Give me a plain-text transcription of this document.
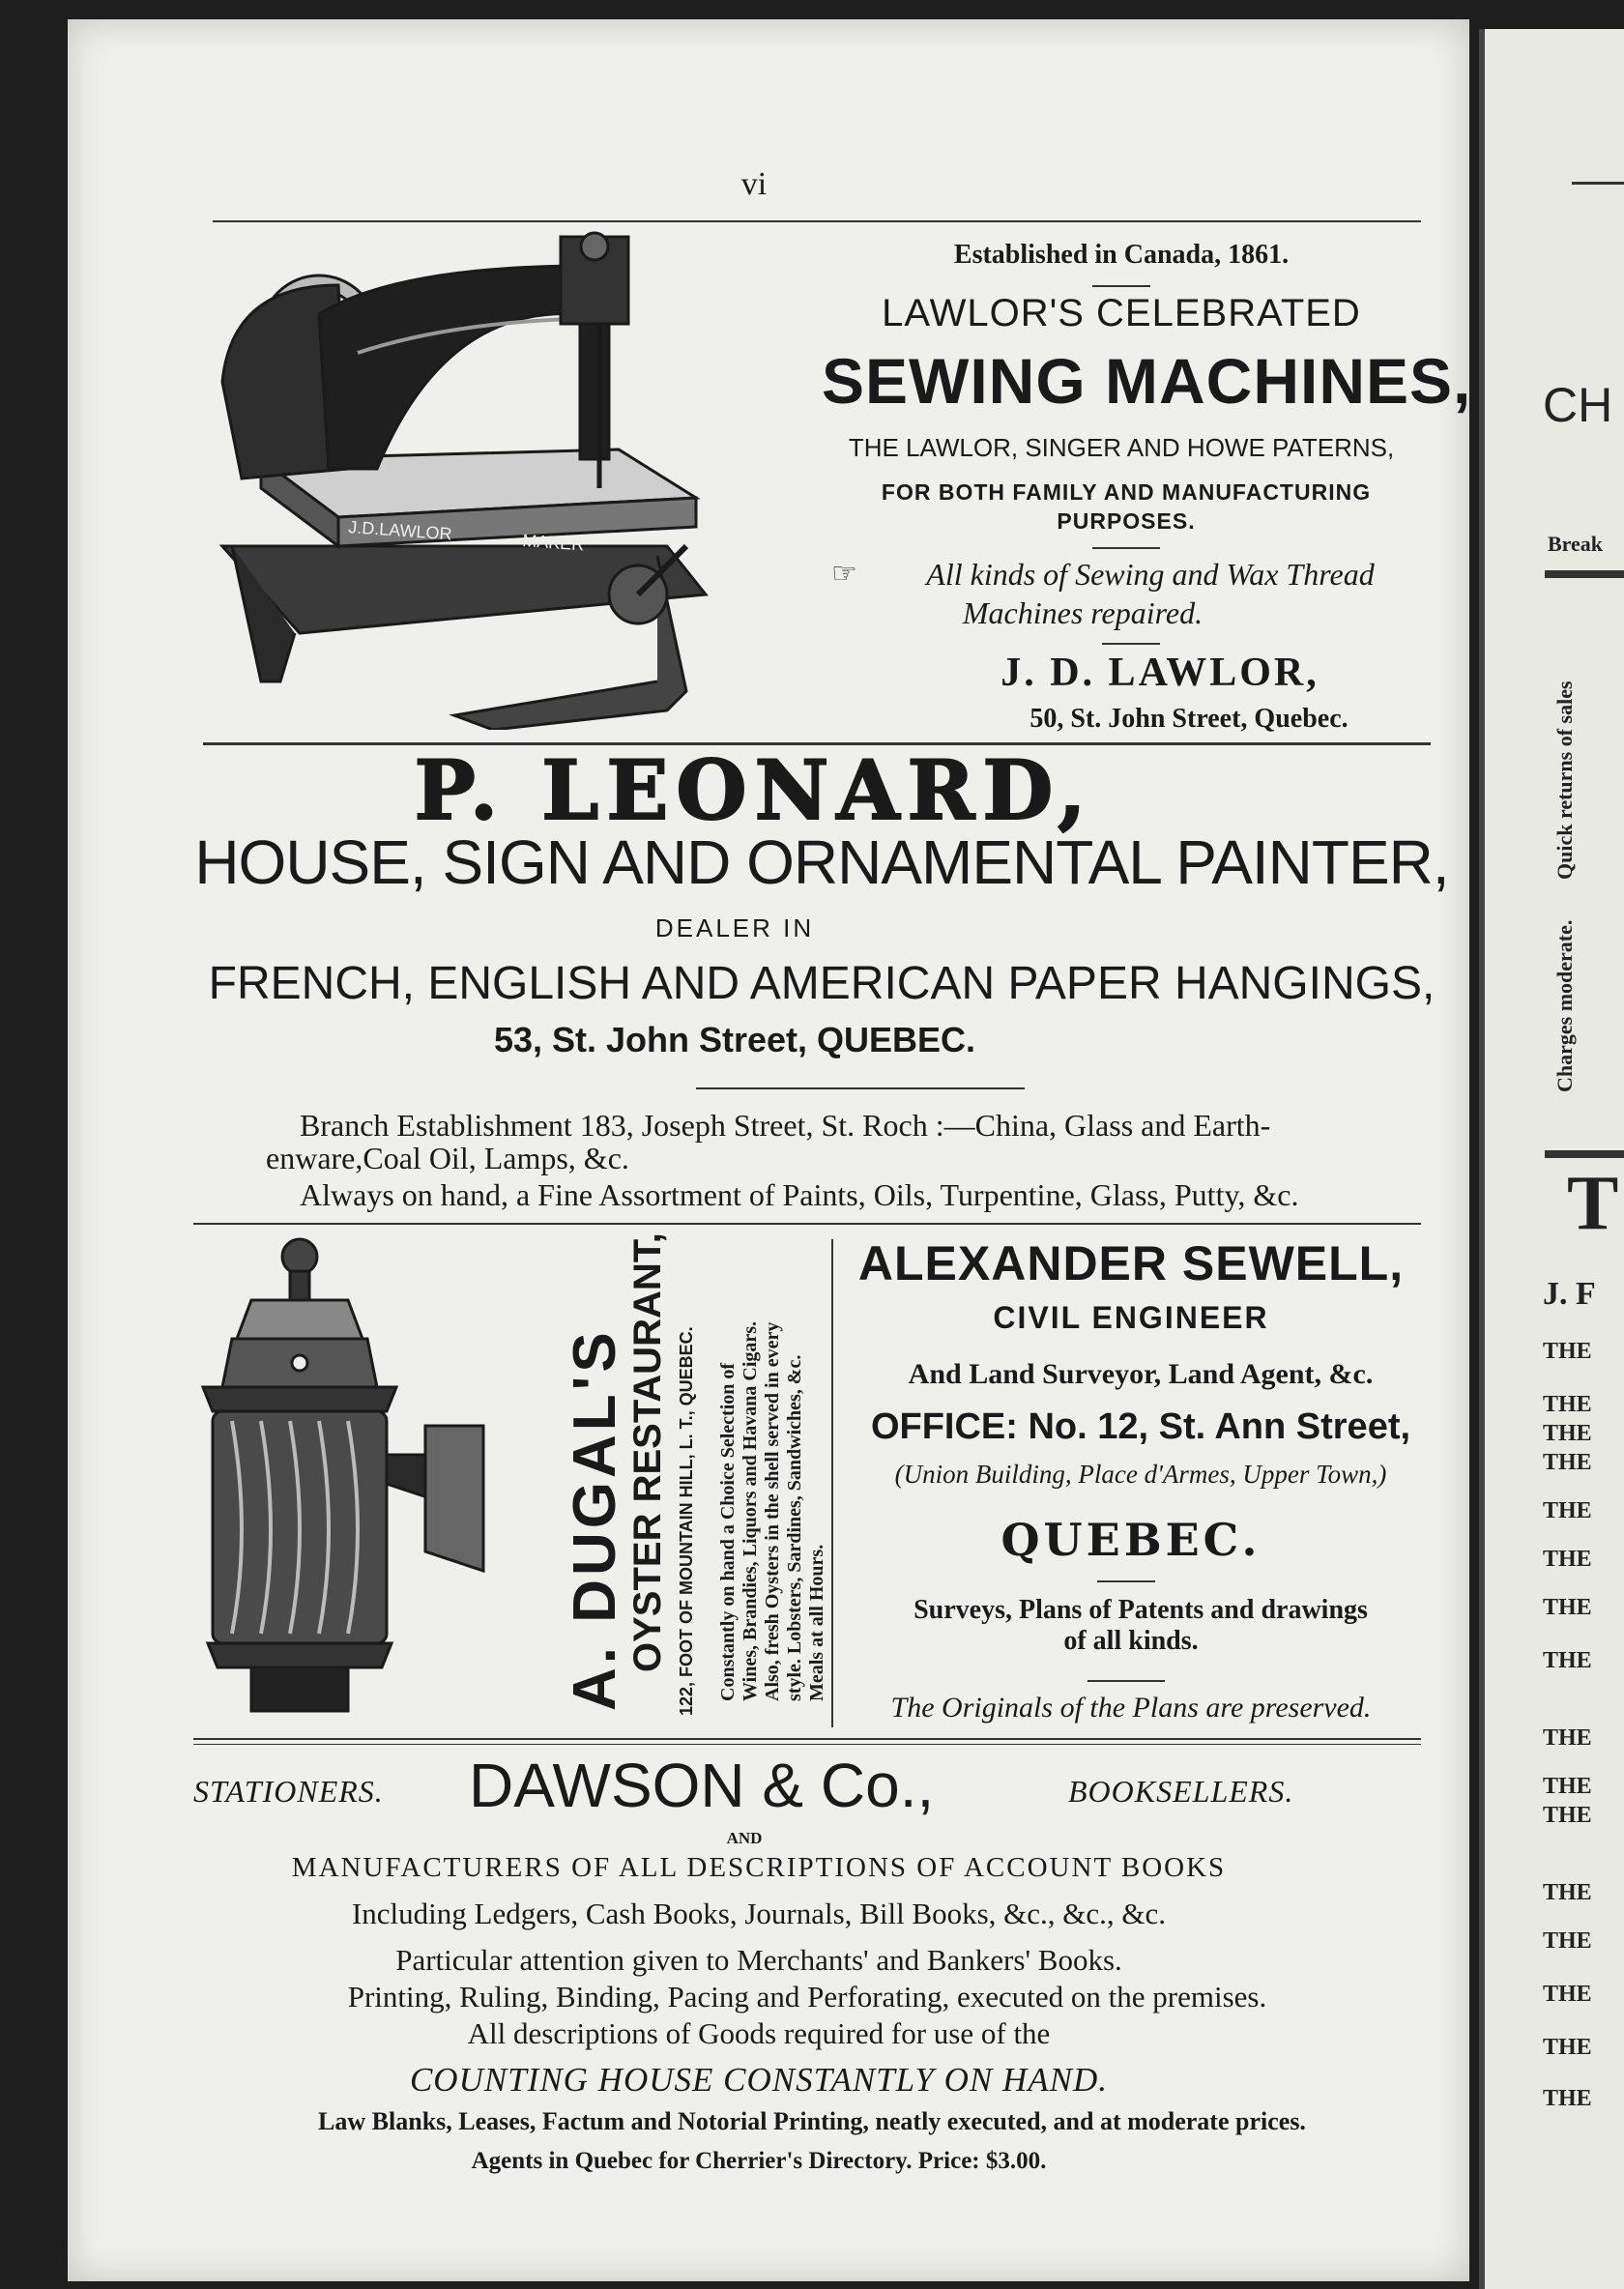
CH
Break
Quick returns of sales
Charges moderate.
T
J. F
THE
THE
THE
THE
THE
THE
THE
THE
THE
THE
THE
THE
THE
THE
THE
THE
vi
J.D.LAWLOR	MAKER
Established in Canada, 1861.
LAWLOR'S CELEBRATED
SEWING MACHINES,
THE LAWLOR, SINGER AND HOWE PATERNS,
FOR BOTH FAMILY AND MANUFACTURING
PURPOSES.
☞	All kinds of Sewing and Wax Thread
Machines repaired.
J. D. LAWLOR,
50, St. John Street, Quebec.
P. LEONARD,
HOUSE, SIGN AND ORNAMENTAL PAINTER,
DEALER IN
FRENCH, ENGLISH AND AMERICAN PAPER HANGINGS,
53, St. John Street, QUEBEC.
Branch Establishment 183, Joseph Street, St. Roch :—China, Glass and Earth-
enware,Coal Oil, Lamps, &c.
Always on hand, a Fine Assortment of Paints, Oils, Turpentine, Glass, Putty, &c.
A. DUGAL'S
OYSTER RESTAURANT, 122, FOOT OF MOUNTAIN HILL, L. T., QUEBEC. Constantly on hand a Choice Selection of Wines, Brandies, Liquors and Havana Cigars. Also, fresh Oysters in the shell served in every style. Lobsters, Sardines, Sandwiches, &c. Meals at all Hours.
ALEXANDER SEWELL,
CIVIL ENGINEER
And Land Surveyor, Land Agent, &c.
OFFICE: No. 12, St. Ann Street,
(Union Building, Place d'Armes, Upper Town,)
QUEBEC.
Surveys, Plans of Patents and drawings
of all kinds.
The Originals of the Plans are preserved.
STATIONERS. DAWSON & Co.,	BOOKSELLERS.
AND
MANUFACTURERS OF ALL DESCRIPTIONS OF ACCOUNT BOOKS
Including Ledgers, Cash Books, Journals, Bill Books, &c., &c., &c.
Particular attention given to Merchants' and Bankers' Books.
Printing, Ruling, Binding, Pacing and Perforating, executed on the premises.
All descriptions of Goods required for use of the
COUNTING HOUSE CONSTANTLY ON HAND.
Law Blanks, Leases, Factum and Notorial Printing, neatly executed, and at moderate prices.
Agents in Quebec for Cherrier's Directory. Price: $3.00.
